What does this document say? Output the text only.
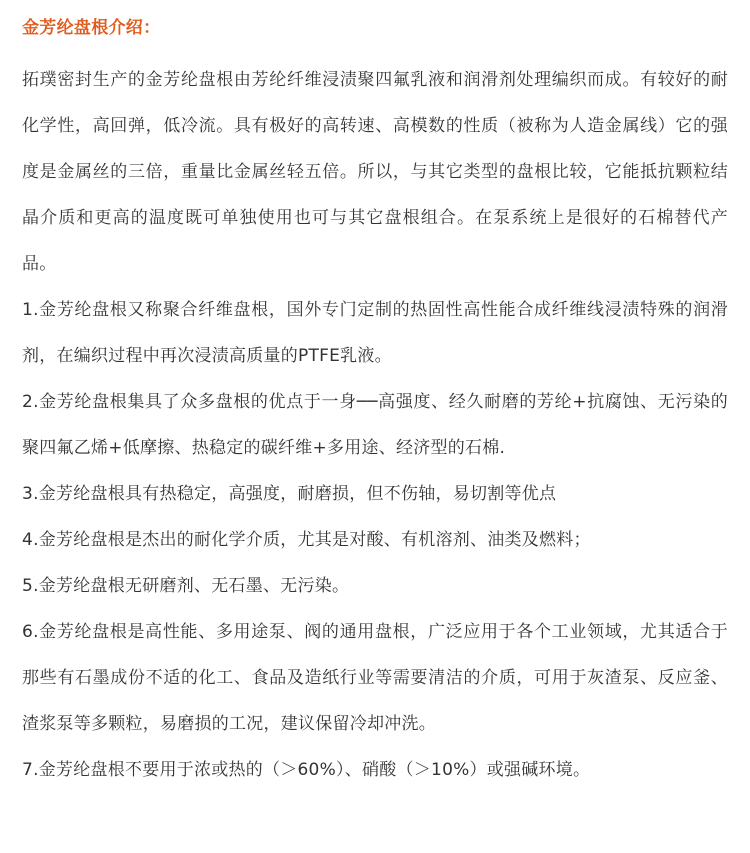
金芳纶盘根介绍：

拓璞密封生产的金芳纶盘根由芳纶纤维浸渍聚四氟乳液和润滑剂处理编织而成。有较好的耐化学性，高回弹，低冷流。具有极好的高转速、高模数的性质（被称为人造金属线）它的强度是金属丝的三倍，重量比金属丝轻五倍。所以，与其它类型的盘根比较，它能抵抗颗粒结晶介质和更高的温度既可单独使用也可与其它盘根组合。在泵系统上是很好的石棉替代产品。

1.金芳纶盘根又称聚合纤维盘根，国外专门定制的热固性高性能合成纤维线浸渍特殊的润滑剂，在编织过程中再次浸渍高质量的PTFE乳液。

2.金芳纶盘根集具了众多盘根的优点于一身──高强度、经久耐磨的芳纶+抗腐蚀、无污染的聚四氟乙烯+低摩擦、热稳定的碳纤维+多用途、经济型的石棉.

3.金芳纶盘根具有热稳定，高强度，耐磨损，但不伤轴，易切割等优点

4.金芳纶盘根是杰出的耐化学介质，尤其是对酸、有机溶剂、油类及燃料；

5.金芳纶盘根无研磨剂、无石墨、无污染。

6.金芳纶盘根是高性能、多用途泵、阀的通用盘根，广泛应用于各个工业领域，尤其适合于那些有石墨成份不适的化工、食品及造纸行业等需要清洁的介质，可用于灰渣泵、反应釜、渣浆泵等多颗粒，易磨损的工况，建议保留冷却冲洗。

7.金芳纶盘根不要用于浓或热的（＞60%）、硝酸（＞10%）或强碱环境。
